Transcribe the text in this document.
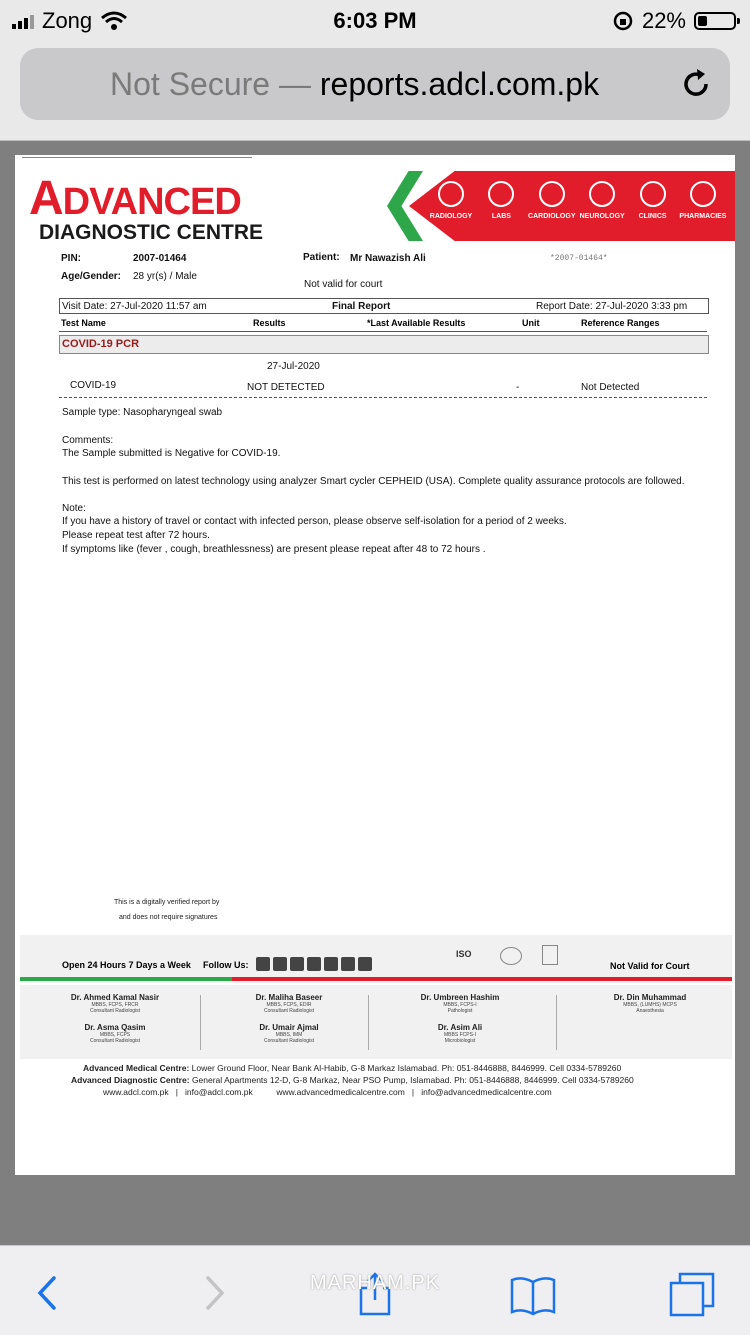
Zong	6:03 PM	22%
Not Secure — reports.adcl.com.pk
ADVANCED
DIAGNOSTIC CENTRE
RADIOLOGY	LABS CARDIOLOGY NEUROLOGY CLINICS PHARMACIES
PIN:	2007-01464
Age/Gender: 28 yr(s) / Male
Patient: Mr Nawazish Ali	*2007-01464*
Not valid for court
Visit Date: 27-Jul-2020 11:57 am	Final Report	Report Date: 27-Jul-2020 3:33 pm
Test Name	Results	*Last Available Results	Unit	Reference Ranges
COVID-19 PCR
27-Jul-2020
COVID-19	NOT DETECTED	-	Not Detected
Sample type: Nasopharyngeal swab
Comments:
The Sample submitted is Negative for COVID-19.
This test is performed on latest technology using analyzer Smart cycler CEPHEID (USA). Complete quality assurance protocols are followed.
Note:
If you have a history of travel or contact with infected person, please observe self-isolation for a period of 2 weeks.
Please repeat test after 72 hours.
If symptoms like (fever , cough, breathlessness) are present please repeat after 48 to 72 hours .
This is a digitally verified report by
and does not require signatures
Open 24 Hours 7 Days a Week Follow Us:
ISO
Not Valid for Court
Dr. Ahmed Kamal Nasir
MBBS, FCPS, FRCR
Consultant Radiologist
Dr. Asma Qasim
MBBS, FCPS
Consultant Radiologist
Dr. Maliha Baseer
MBBS, FCPS, EDIR
Consultant Radiologist
Dr. Umair Ajmal
MBBS, IMM
Consultant Radiologist
Dr. Umbreen Hashim
MBBS, FCPS-I
Pathologist
Dr. Asim Ali
MBBS FCPS-I
Microbiologist
Dr. Din Muhammad
MBBS, (LUMHS) MCPS
Anaesthesia
Advanced Medical Centre: Lower Ground Floor, Near Bank Al-Habib, G-8 Markaz Islamabad. Ph: 051-8446888, 8446999. Cell 0334-5789260
Advanced Diagnostic Centre: General Apartments 12-D, G-8 Markaz, Near PSO Pump, Islamabad. Ph: 051-8446888, 8446999. Cell 0334-5789260
www.adcl.com.pk   |   info@adcl.com.pk          www.advancedmedicalcentre.com   |   info@advancedmedicalcentre.com
MARHAM.PK
